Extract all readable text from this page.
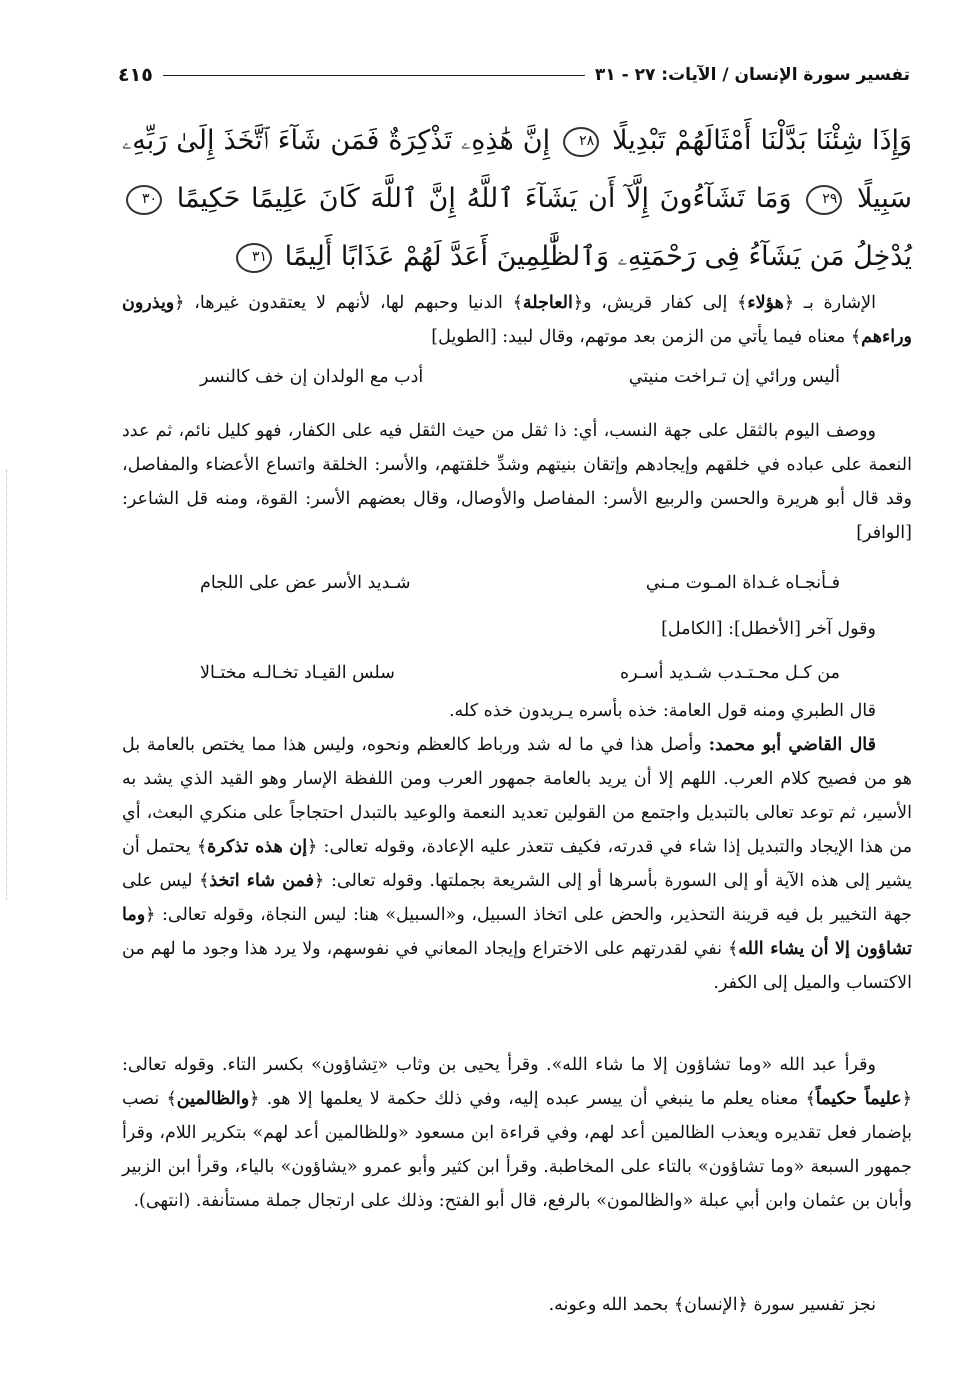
تفسير سورة الإنسان / الآيات: ٢٧ - ٣١
٤١٥
وَإِذَا شِئْنَا بَدَّلْنَا أَمْثَالَهُمْ تَبْدِيلًا ٢٨ إِنَّ هَٰذِهِۦ تَذْكِرَةٌ فَمَن شَآءَ ٱتَّخَذَ إِلَىٰ رَبِّهِۦ سَبِيلًا ٢٩ وَمَا تَشَآءُونَ إِلَّآ أَن يَشَآءَ ٱللَّهُ إِنَّ ٱللَّهَ كَانَ عَلِيمًا حَكِيمًا ٣٠ يُدْخِلُ مَن يَشَآءُ فِى رَحْمَتِهِۦ وَٱلظَّٰلِمِينَ أَعَدَّ لَهُمْ عَذَابًا أَلِيمًا ٣١

الإشارة بـ ﴿هؤلاء﴾ إلى كفار قريش، و﴿العاجلة﴾ الدنيا وحبهم لها، لأنهم لا يعتقدون غيرها، ﴿ويذرون وراءهم﴾ معناه فيما يأتي من الزمن بعد موتهم، وقال لبيد: [الطويل]

أليس ورائي إن تـراخت منيتي
أدب مع الولدان إن خف كالنسر

ووصف اليوم بالثقل على جهة النسب، أي: ذا ثقل من حيث الثقل فيه على الكفار، فهو كليل نائم، ثم عدد النعمة على عباده في خلقهم وإيجادهم وإتقان بنيتهم وشدِّ خلقتهم، والأسر: الخلقة واتساع الأعضاء والمفاصل، وقد قال أبو هريرة والحسن والربيع الأسر: المفاصل والأوصال، وقال بعضهم الأسر: القوة، ومنه قل الشاعر: [الوافر]

فـأنجـاه غـداة المـوت مـني
شـديد الأسر عض على اللجام

وقول آخر [الأخطل]: [الكامل]

من كـل محـتـدب شـديد أسـره
سلس القيـاد تخـالـه مختـالا

قال الطبري ومنه قول العامة: خذه بأسره يـريدون خذه كله.

قال القاضي أبو محمد: وأصل هذا في ما له شد ورباط كالعظم ونحوه، وليس هذا مما يختص بالعامة بل هو من فصيح كلام العرب. اللهم إلا أن يريد بالعامة جمهور العرب ومن اللفظة الإسار وهو القيد الذي يشد به الأسير، ثم توعد تعالى بالتبديل واجتمع من القولين تعديد النعمة والوعيد بالتبدل احتجاجاً على منكري البعث، أي من هذا الإيجاد والتبديل إذا شاء في قدرته، فكيف تتعذر عليه الإعادة، وقوله تعالى: ﴿إن هذه تذكرة﴾ يحتمل أن يشير إلى هذه الآية أو إلى السورة بأسرها أو إلى الشريعة بجملتها. وقوله تعالى: ﴿فمن شاء اتخذ﴾ ليس على جهة التخيير بل فيه قرينة التحذير، والحض على اتخاذ السبيل، و«السبيل» هنا: ليس النجاة، وقوله تعالى: ﴿وما تشاؤون إلا أن يشاء الله﴾ نفي لقدرتهم على الاختراع وإيجاد المعاني في نفوسهم، ولا يرد هذا وجود ما لهم من الاكتساب والميل إلى الكفر.

وقرأ عبد الله «وما تشاؤون إلا ما شاء الله». وقرأ يحيى بن وثاب «تِشاؤون» بكسر التاء. وقوله تعالى: ﴿عليماً حكيماً﴾ معناه يعلم ما ينبغي أن ييسر عبده إليه، وفي ذلك حكمة لا يعلمها إلا هو. ﴿والظالمين﴾ نصب بإضمار فعل تقديره ويعذب الظالمين أعد لهم، وفي قراءة ابن مسعود «وللظالمين أعد لهم» بتكرير اللام، وقرأ جمهور السبعة «وما تشاؤون» بالتاء على المخاطبة. وقرأ ابن كثير وأبو عمرو «يشاؤون» بالياء، وقرأ ابن الزبير وأبان بن عثمان وابن أبي عبلة «والظالمون» بالرفع، قال أبو الفتح: وذلك على ارتجال جملة مستأنفة. (انتهى).

نجز تفسير سورة ﴿الإنسان﴾ بحمد الله وعونه.
